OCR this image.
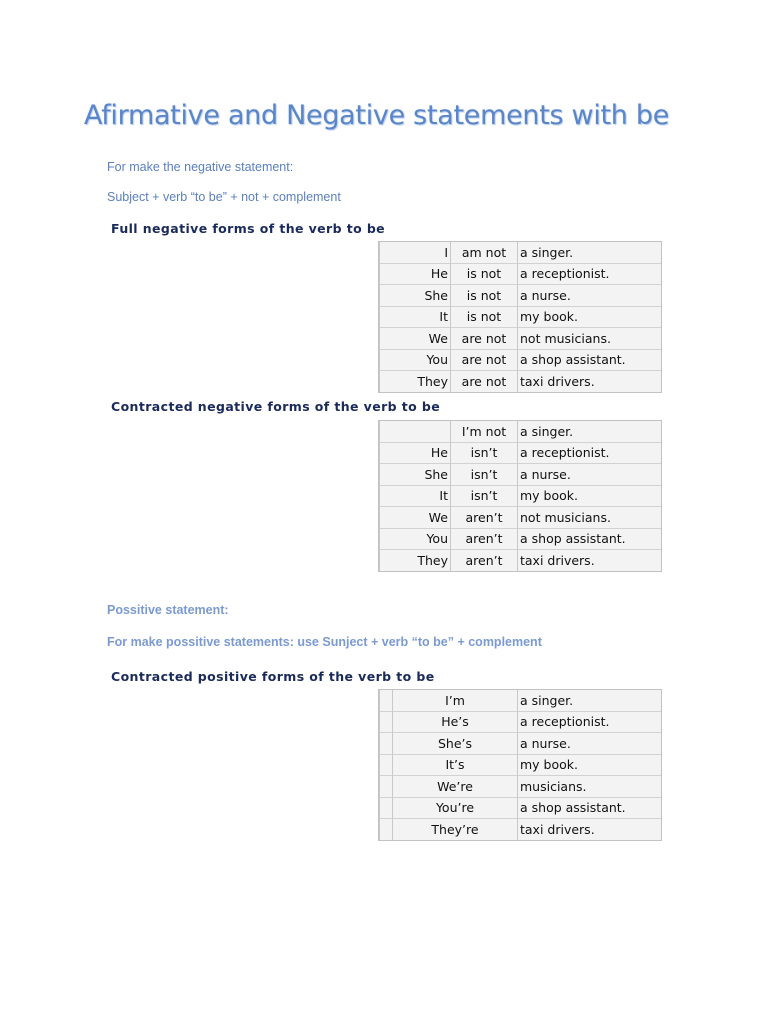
Afirmative and Negative statements with be
For make the negative statement:
Subject + verb “to be” + not + complement
Full negative forms of the verb to be
I	am not	a singer.
He	is not	a receptionist.
She	is not	a nurse.
It	is not	my book.
We	are not	not musicians.
You	are not	a shop assistant.
They	are not	taxi drivers.
Contracted negative forms of the verb to be
	I’m not	a singer.
He	isn’t	a receptionist.
She	isn’t	a nurse.
It	isn’t	my book.
We	aren’t	not musicians.
You	aren’t	a shop assistant.
They	aren’t	taxi drivers.
Possitive statement:
For make possitive statements: use Sunject + verb “to be” + complement
Contracted positive forms of the verb to be
	I’m	a singer.
	He’s	a receptionist.
	She’s	a nurse.
	It’s	my book.
	We’re	musicians.
	You’re	a shop assistant.
	They’re	taxi drivers.
